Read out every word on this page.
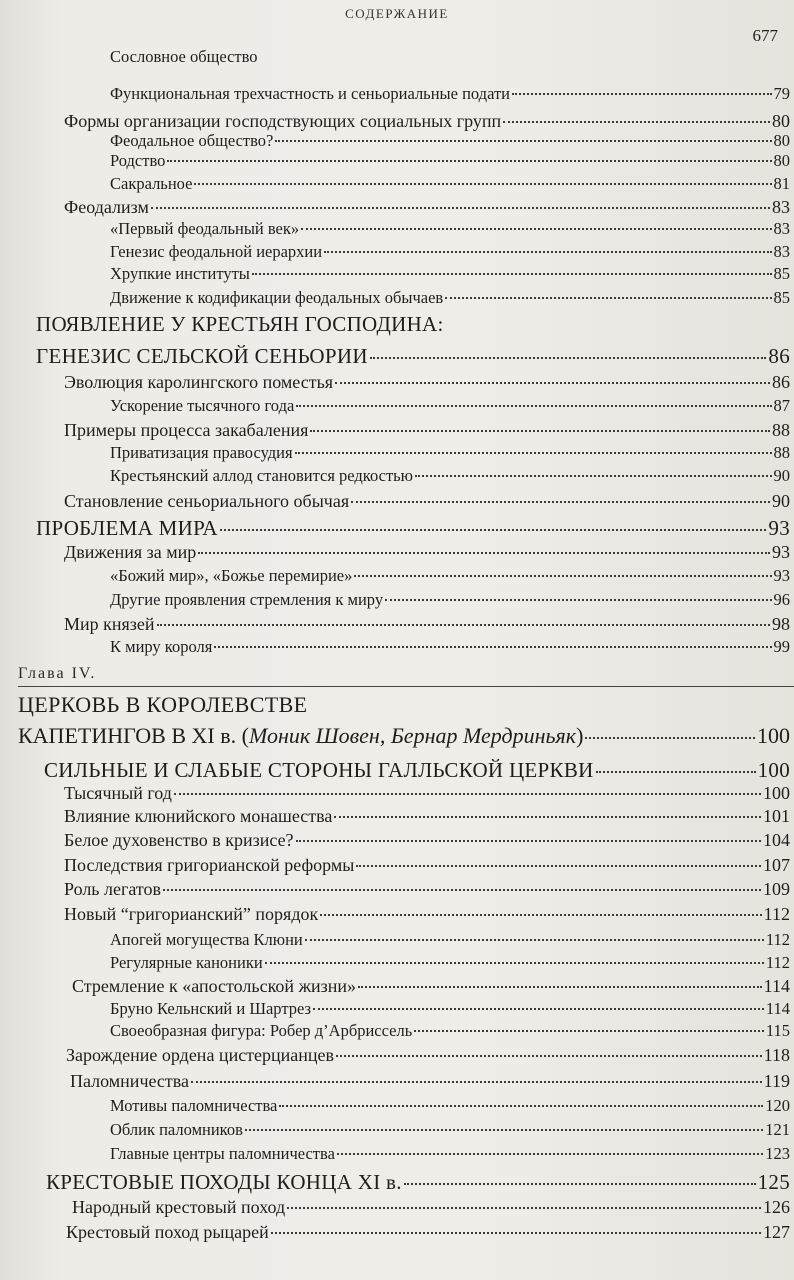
СОДЕРЖАНИЕ
677
Глава IV.
ЦЕРКОВЬ В КОРОЛЕВСТВЕ
Сословное общество
Функциональная трехчастность и сеньориальные подати	79
Формы организации господствующих социальных групп	80
Феодальное общество?	80
Родство	80
Сакральное	81
Феодализм	83
«Первый феодальный век»	83
Генезис феодальной иерархии	83
Хрупкие институты	85
Движение к кодификации феодальных обычаев	85
ПОЯВЛЕНИЕ У КРЕСТЬЯН ГОСПОДИНА:
ГЕНЕЗИС СЕЛЬСКОЙ СЕНЬОРИИ	86
Эволюция каролингского поместья	86
Ускорение тысячного года	87
Примеры процесса закабаления	88
Приватизация правосудия	88
Крестьянский аллод становится редкостью	90
Становление сеньориального обычая	90
ПРОБЛЕМА МИРА	93
Движения за мир	93
«Божий мир», «Божье перемирие»	93
Другие проявления стремления к миру	96
Мир князей	98
К миру короля	99
КАПЕТИНГОВ В XI в. (Моник Шовен, Бернар Мердриньяк)	100
СИЛЬНЫЕ И СЛАБЫЕ СТОРОНЫ ГАЛЛЬСКОЙ ЦЕРКВИ	100
Тысячный год	100
Влияние клюнийского монашества	101
Белое духовенство в кризисе?	104
Последствия григорианской реформы	107
Роль легатов	109
Новый “григорианский” порядок	112
Апогей могущества Клюни	112
Регулярные каноники	112
Стремление к «апостольской жизни»	114
Бруно Кельнский и Шартрез	114
Своеобразная фигура: Робер д’Арбриссель	115
Зарождение ордена цистерцианцев	118
Паломничества	119
Мотивы паломничества	120
Облик паломников	121
Главные центры паломничества	123
КРЕСТОВЫЕ ПОХОДЫ КОНЦА XI в.	125
Народный крестовый поход	126
Крестовый поход рыцарей	127
